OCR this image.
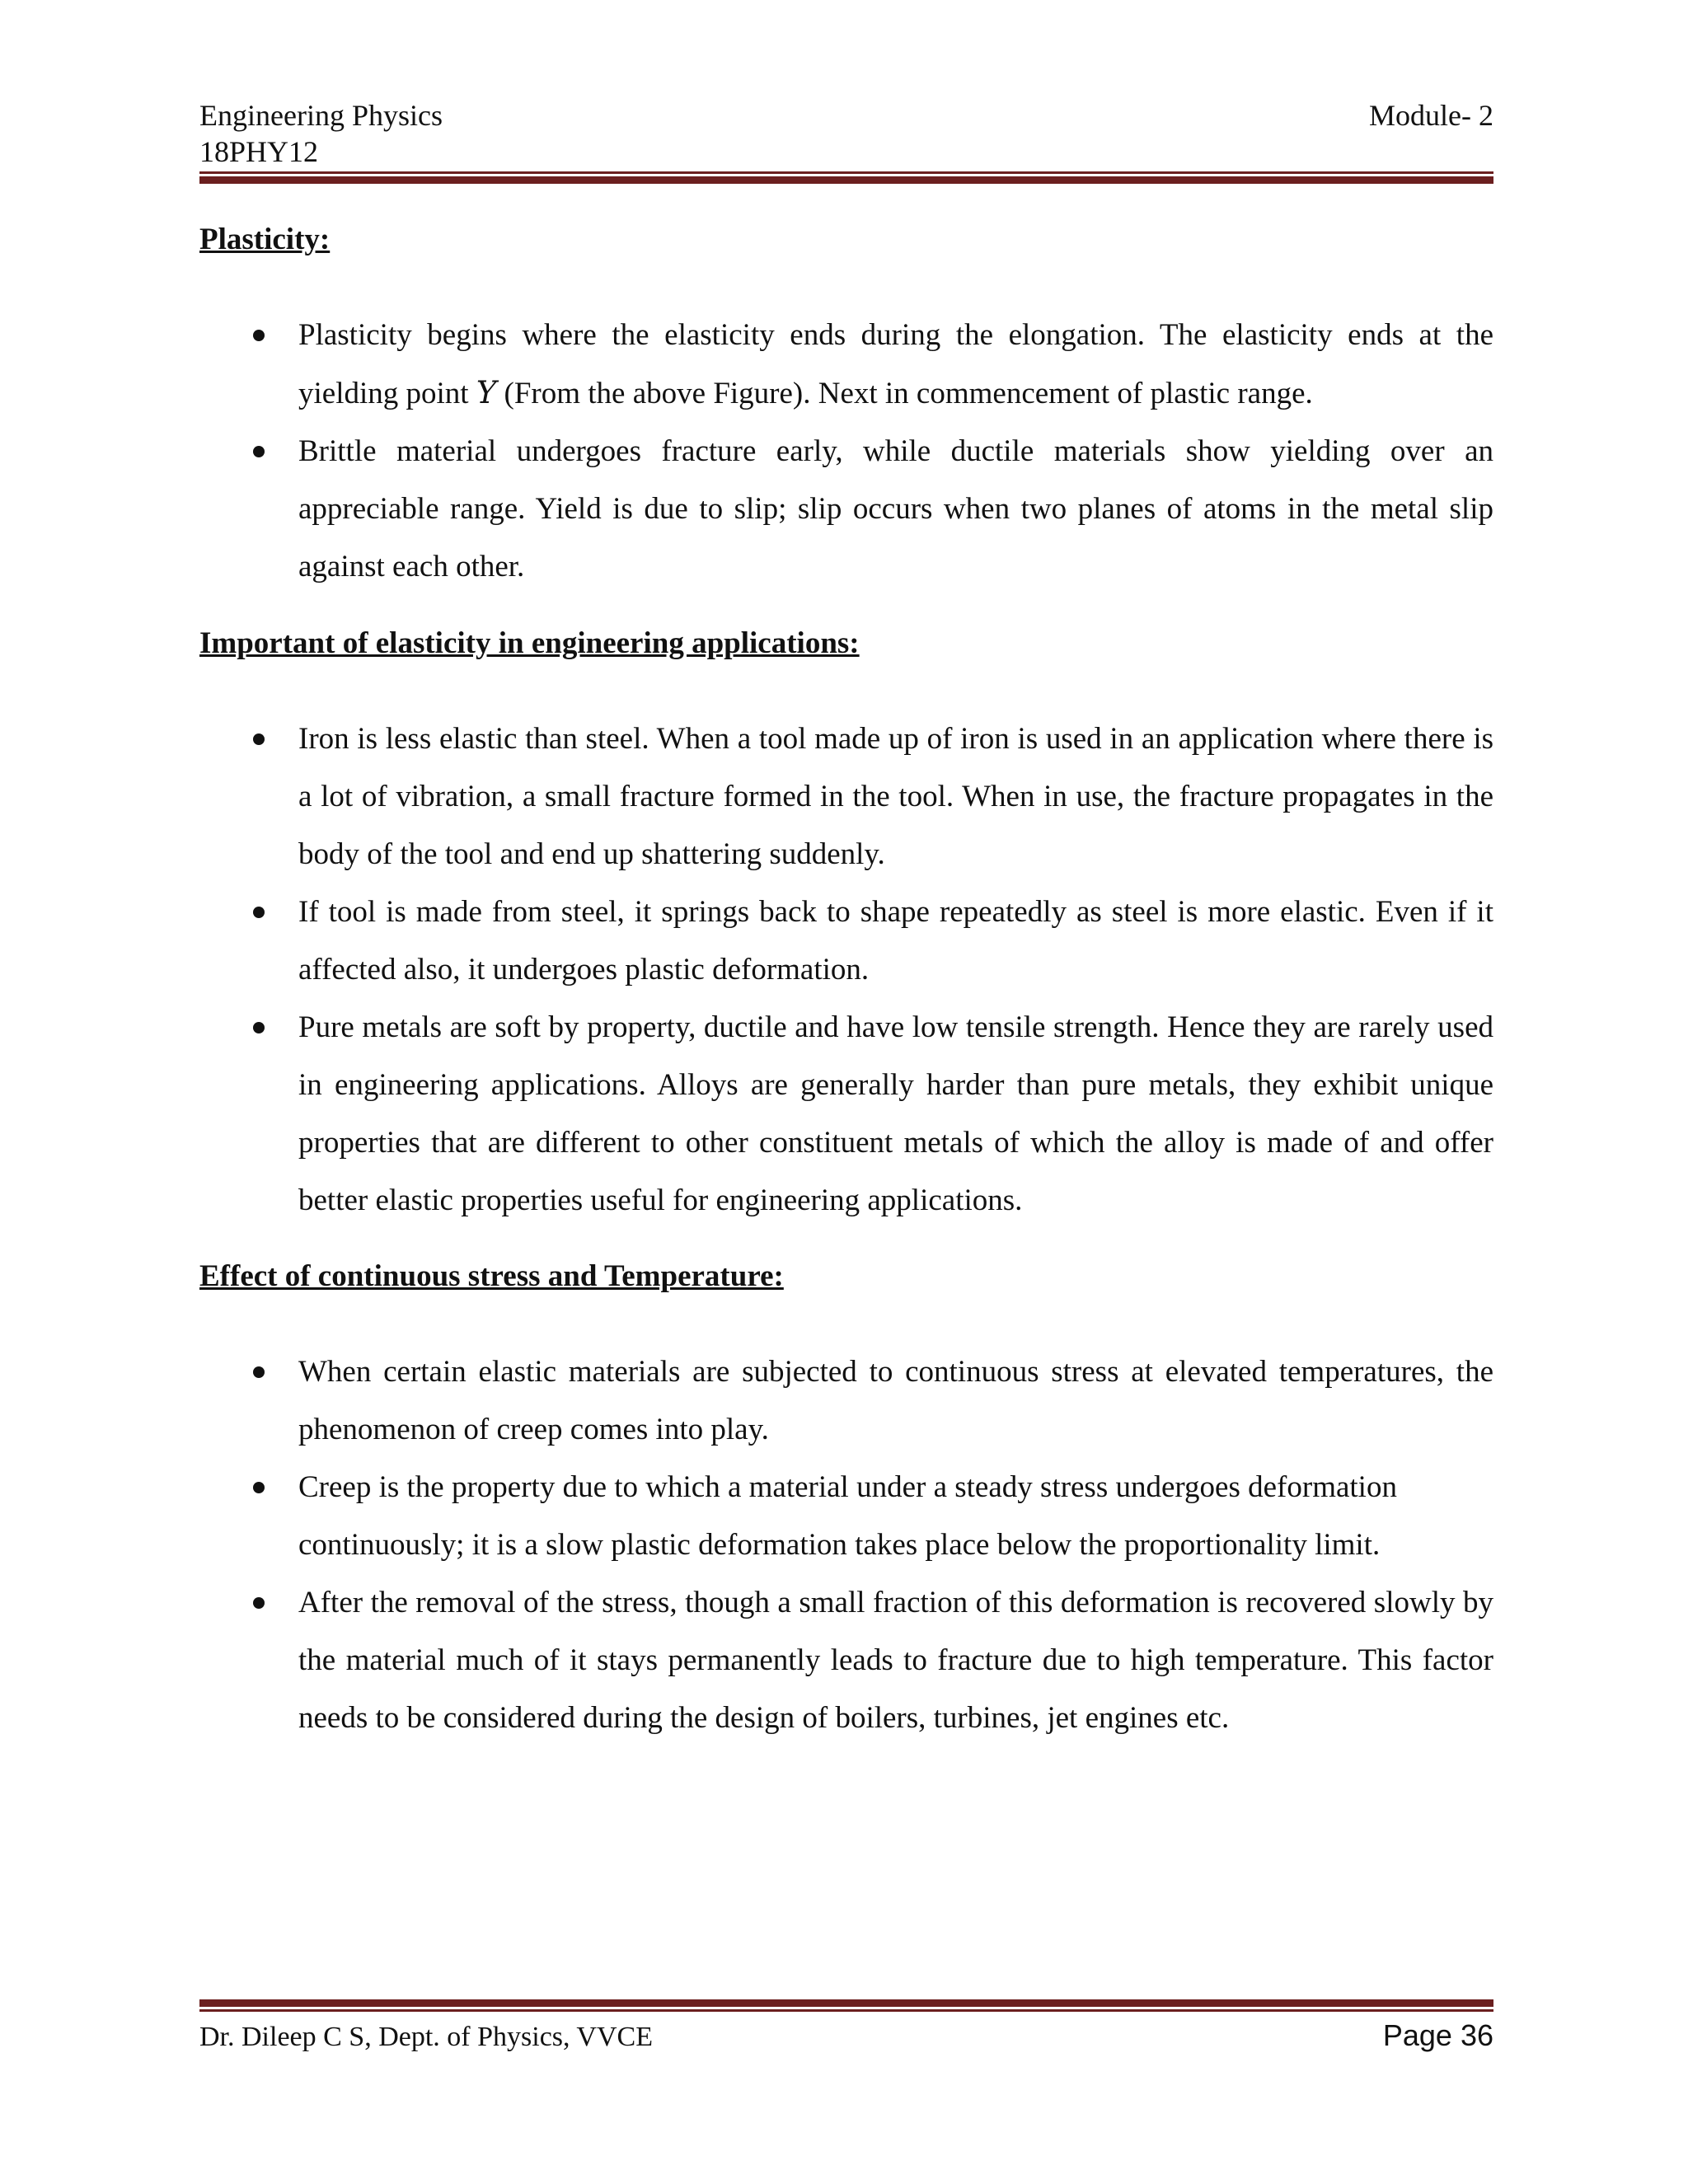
Engineering Physics
18PHY12
Module- 2
Plasticity:
Plasticity begins where the elasticity ends during the elongation. The elasticity ends at the yielding point Y (From the above Figure). Next in commencement of plastic range.
Brittle material undergoes fracture early, while ductile materials show yielding over an appreciable range. Yield is due to slip; slip occurs when two planes of atoms in the metal slip against each other.
Important of elasticity in engineering applications:
Iron is less elastic than steel. When a tool made up of iron is used in an application where there is a lot of vibration, a small fracture formed in the tool. When in use, the fracture propagates in the body of the tool and end up shattering suddenly.
If tool is made from steel, it springs back to shape repeatedly as steel is more elastic. Even if it affected also, it undergoes plastic deformation.
Pure metals are soft by property, ductile and have low tensile strength. Hence they are rarely used in engineering applications. Alloys are generally harder than pure metals, they exhibit unique properties that are different to other constituent metals of which the alloy is made of and offer better elastic properties useful for engineering applications.
Effect of continuous stress and Temperature:
When certain elastic materials are subjected to continuous stress at elevated temperatures, the phenomenon of creep comes into play.
Creep is the property due to which a material under a steady stress undergoes deformation
continuously; it is a slow plastic deformation takes place below the proportionality limit.
After the removal of the stress, though a small fraction of this deformation is recovered slowly by the material much of it stays permanently leads to fracture due to high temperature. This factor needs to be considered during the design of boilers, turbines, jet engines etc.
Dr. Dileep C S, Dept. of Physics, VVCE	Page 36
